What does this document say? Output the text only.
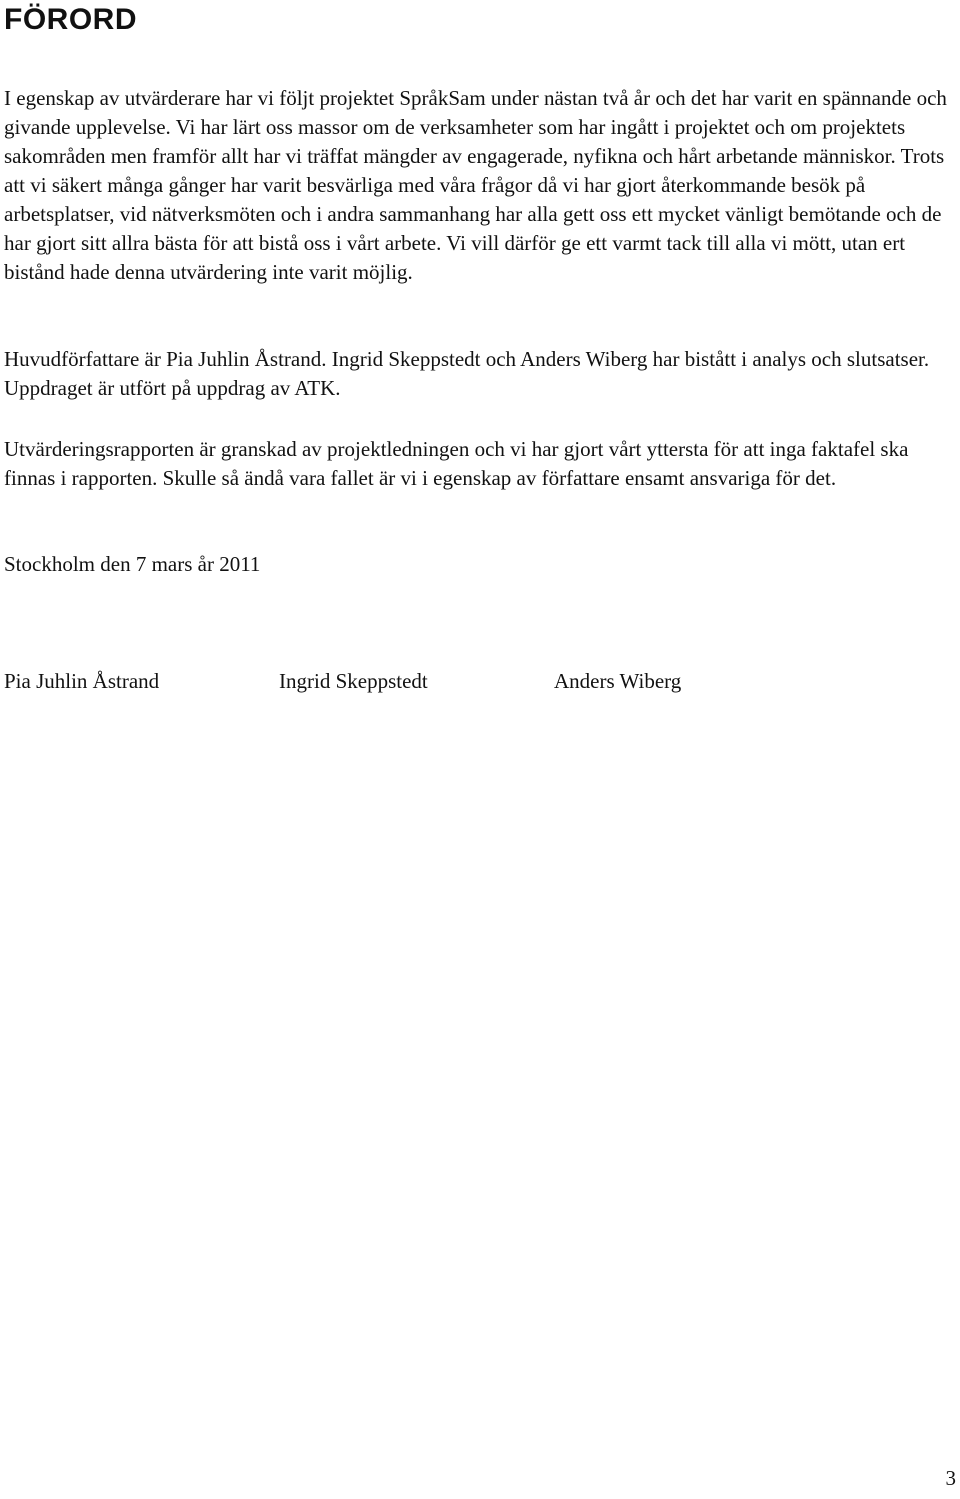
FÖRORD

I egenskap av utvärderare har vi följt projektet SpråkSam under nästan två år och det har varit en spännande och givande upplevelse. Vi har lärt oss massor om de verksamheter som har ingått i projektet och om projektets sakområden men framför allt har vi träffat mängder av engagerade, nyfikna och hårt arbetande människor. Trots att vi säkert många gånger har varit besvärliga med våra frågor då vi har gjort återkommande besök på arbetsplatser, vid nätverksmöten och i andra sammanhang har alla gett oss ett mycket vänligt bemötande och de har gjort sitt allra bästa för att bistå oss i vårt arbete. Vi vill därför ge ett varmt tack till alla vi mött, utan ert bistånd hade denna utvärdering inte varit möjlig.

Huvudförfattare är Pia Juhlin Åstrand. Ingrid Skeppstedt och Anders Wiberg har bistått i analys och slutsatser. Uppdraget är utfört på uppdrag av ATK.

Utvärderingsrapporten är granskad av projektledningen och vi har gjort vårt yttersta för att inga faktafel ska finnas i rapporten. Skulle så ändå vara fallet är vi i egenskap av författare ensamt ansvariga för det.

Stockholm den 7 mars år 2011

Pia Juhlin Åstrand	Ingrid Skeppstedt	Anders Wiberg
3
